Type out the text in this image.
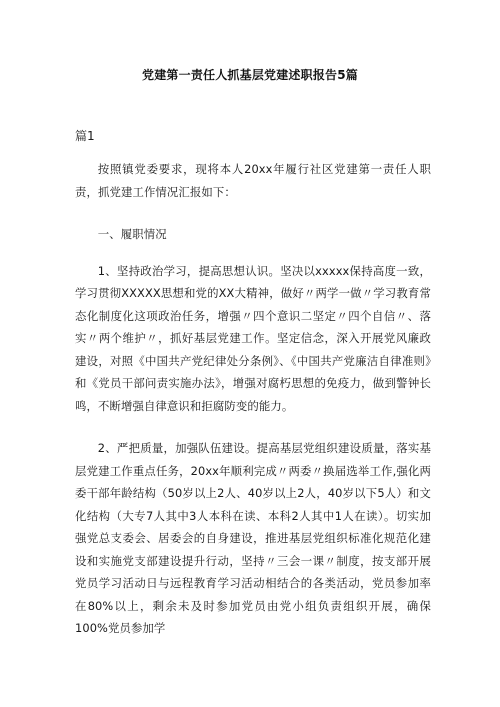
党建第一责任人抓基层党建述职报告5篇
篇1

按照镇党委要求，现将本人20xx年履行社区党建第一责任人职责，抓党建工作情况汇报如下：

一、履职情况

1、坚持政治学习，提高思想认识。坚决以xxxxx保持高度一致，学习贯彻XXXXX思想和党的XX大精神，做好〃两学一做〃学习教育常态化制度化这项政治任务，增强〃四个意识二坚定〃四个自信〃、落实〃两个维护〃，抓好基层党建工作。坚定信念，深入开展党风廉政建设，对照《中国共产党纪律处分条例》、《中国共产党廉洁自律准则》和《党员干部问责实施办法》，增强对腐朽思想的免疫力，做到警钟长鸣，不断增强自律意识和拒腐防变的能力。

2、严把质量，加强队伍建设。提高基层党组织建设质量，落实基层党建工作重点任务，20xx年顺利完成〃两委〃换届选举工作,强化两委干部年龄结构（50岁以上2人、40岁以上2人，40岁以下5人）和文化结构（大专7人其中3人本科在读、本科2人其中1人在读）。切实加强党总支委会、居委会的自身建设，推进基层党组织标准化规范化建设和实施党支部建设提升行动，坚持〃三会一课〃制度，按支部开展党员学习活动日与远程教育学习活动相结合的各类活动，党员参加率在80%以上，剩余未及时参加党员由党小组负责组织开展，确保100%党员参加学
